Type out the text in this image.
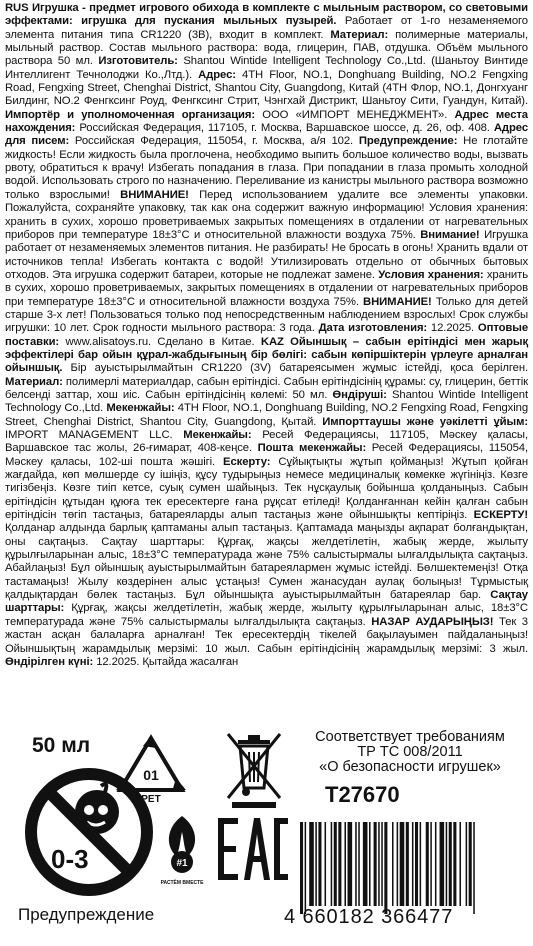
RUS Игрушка - предмет игрового обихода в комплекте с мыльным раствором, со световыми эффектами: игрушка для пускания мыльных пузырей. Работает от 1-го незаменяемого элемента питания типа CR1220 (3В), входит в комплект. Материал: полимерные материалы, мыльный раствор. Состав мыльного раствора: вода, глицерин, ПАВ, отдушка. Объём мыльного раствора 50 мл. Изготовитель: Shantou Wintide Intelligent Technology Co.,Ltd. (Шаньтоу Винтиде Интеллигент Течнолоджи Ко.,Лтд.). Адрес: 4TH Floor, NO.1, Donghuang Building, NO.2 Fengxing Road, Fengxing Street, Chenghai District, Shantou City, Guangdong, Китай (4TH Флор, NO.1, Донгхуанг Билдинг, NO.2 Фенгксинг Роуд, Фенгксинг Стрит, Чэнгхай Дистрикт, Шаньтоу Сити, Гуандун, Китай). Импортёр и уполномоченная организация: ООО «ИМПОРТ МЕНЕДЖМЕНТ». Адрес места нахождения: Российская Федерация, 117105, г. Москва, Варшавское шоссе, д. 26, оф. 408. Адрес для писем: Российская Федерация, 115054, г. Москва, а/я 102. Предупреждение: Не глотайте жидкость! Если жидкость была проглочена, необходимо выпить большое количество воды, вызвать рвоту, обратиться к врачу! Избегать попадания в глаза. При попадании в глаза промыть холодной водой. Использовать строго по назначению. Переливание из канистры мыльного раствора возможно только взрослыми! ВНИМАНИЕ! Перед использованием удалите все элементы упаковки. Пожалуйста, сохраняйте упаковку, так как она содержит важную информацию! Условия хранения: хранить в сухих, хорошо проветриваемых закрытых помещениях в отдалении от нагревательных приборов при температуре 18±3°C и относительной влажности воздуха 75%. Внимание! Игрушка работает от незаменяемых элементов питания. Не разбирать! Не бросать в огонь! Хранить вдали от источников тепла! Избегать контакта с водой! Утилизировать отдельно от обычных бытовых отходов. Эта игрушка содержит батареи, которые не подлежат замене. Условия хранения: хранить в сухих, хорошо проветриваемых, закрытых помещениях в отдалении от нагревательных приборов при температуре 18±3°С и относительной влажности воздуха 75%. ВНИМАНИЕ! Только для детей старше 3-х лет! Пользоваться только под непосредственным наблюдением взрослых! Срок службы игрушки: 10 лет. Срок годности мыльного раствора: 3 года. Дата изготовления: 12.2025. Оптовые поставки: www.alisatoys.ru. Сделано в Китае. KAZ Ойыншық – сабын ерітіндісі мен жарық эффектілері бар ойын құрал-жабдығының бір бөлігі: сабын көпіршіктерін үрлеуге арналған ойыншық. Бір ауыстырылмайтын CR1220 (3V) батареясымен жұмыс істейді, қоса берілген. Материал: полимерлі материалдар, сабын ерітіндісі. Сабын ерітіндісінің құрамы: су, глицерин, беттік белсенді заттар, хош иіс. Сабын ерітіндісінің көлемі: 50 мл. Өндіруші: Shantou Wintide Intelligent Technology Co.,Ltd. Мекенжайы: 4TH Floor, NO.1, Donghuang Building, NO.2 Fengxing Road, Fengxing Street, Chenghai District, Shantou City, Guangdong, Қытай. Импорттаушы және уәкілетті ұйым: IMPORT MANAGEMENT LLC. Мекенжайы: Ресей Федерациясы, 117105, Мәскеу қаласы, Варшавское тас жолы, 26-ғимарат, 408-кеңсе. Пошта мекенжайы: Ресей Федерациясы, 115054, Мәскеу қаласы, 102-ші пошта жәшігі. Ескерту: Сұйықтықты жұтып қоймаңыз! Жұтып қойған жағдайда, көп мөлшерде су ішіңіз, құсу тудырыңыз немесе медициналық көмекке жүгініңіз. Көзге тигізбеңіз. Көзге тиіп кетсе, суық сумен шайыңыз. Тек нұсқаулық бойынша қолданыңыз. Сабын ерітіндісін құтыдан құюға тек ересектерге ғана рұқсат етіледі! Қолданғаннан кейін қалған сабын ерітіндісін төгіп тастаңыз, батареяларды алып тастаңыз және ойыншықты кептіріңіз. ЕСКЕРТУ! Қолданар алдында барлық қаптаманы алып тастаңыз. Қаптамада маңызды ақпарат болғандықтан, оны сақтаңыз. Сақтау шарттары: Құрғақ, жақсы желдетілетін, жабық жерде, жылыту құрылғыларынан алыс, 18±3°C температурада және 75% салыстырмалы ылғалдылықта сақтаңыз. Абайлаңыз! Бұл ойыншық ауыстырылмайтын батареялармен жұмыс істейді. Бөлшектемеңіз! Отқа тастамаңыз! Жылу көздерінен алыс ұстаңыз! Сумен жанасудан аулақ болыңыз! Тұрмыстық қалдықтардан бөлек тастаңыз. Бұл ойыншықта ауыстырылмайтын батареялар бар. Сақтау шарттары: Құрғақ, жақсы желдетілетін, жабық жерде, жылыту құрылғыларынан алыс, 18±3°C температурада және 75% салыстырмалы ылғалдылықта сақтаңыз. НАЗАР АУДАРЫҢЫЗ! Тек 3 жастан асқан балаларға арналған! Тек ересектердің тікелей бақылауымен пайдаланыңыз! Ойыншықтың жарамдылық мерзімі: 10 жыл. Сабын ерітіндісінің жарамдылық мерзімі: 3 жыл. Өндірілген күні: 12.2025. Қытайда жасалған
50 мл
0-3
01
PET
Соответствует требованиям
ТР ТС 008/2011
«О безопасности игрушек»
T27670
#1
РАСТЁМ ВМЕСТЕ
Предупреждение	4 660182 366477
